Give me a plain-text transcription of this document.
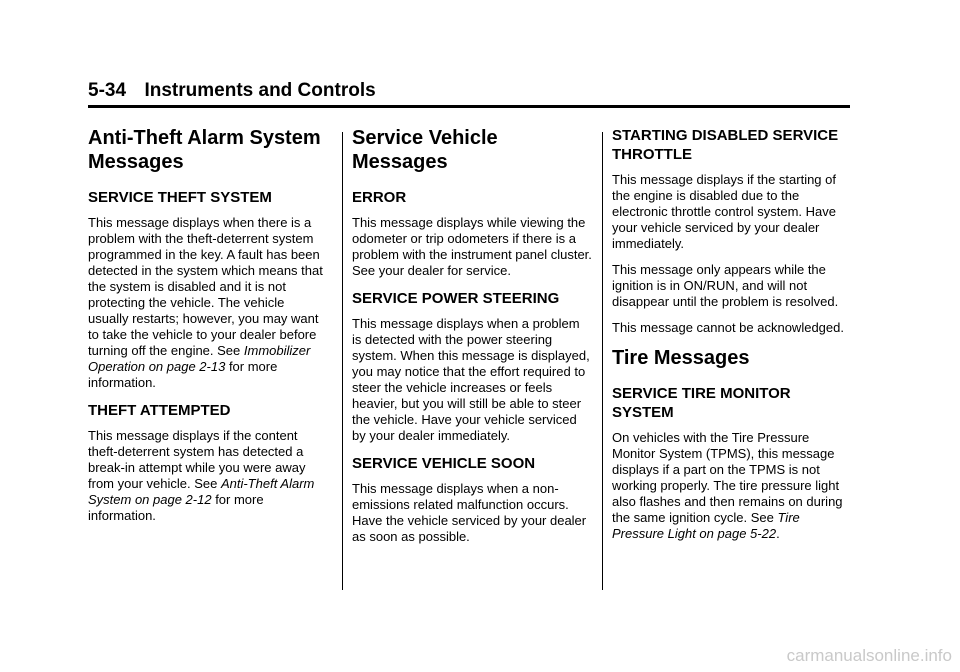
5-34 Instruments and Controls
Anti-Theft Alarm System Messages
SERVICE THEFT SYSTEM

This message displays when there is a problem with the theft-deterrent system programmed in the key. A fault has been detected in the system which means that the system is disabled and it is not protecting the vehicle. The vehicle usually restarts; however, you may want to take the vehicle to your dealer before turning off the engine. See Immobilizer Operation on page 2-13 for more information.

THEFT ATTEMPTED

This message displays if the content theft-deterrent system has detected a break-in attempt while you were away from your vehicle. See Anti-Theft Alarm System on page 2-12 for more information.

Service Vehicle Messages
ERROR

This message displays while viewing the odometer or trip odometers if there is a problem with the instrument panel cluster. See your dealer for service.

SERVICE POWER STEERING

This message displays when a problem is detected with the power steering system. When this message is displayed, you may notice that the effort required to steer the vehicle increases or feels heavier, but you will still be able to steer the vehicle. Have your vehicle serviced by your dealer immediately.

SERVICE VEHICLE SOON

This message displays when a non-emissions related malfunction occurs. Have the vehicle serviced by your dealer as soon as possible.

STARTING DISABLED SERVICE THROTTLE

This message displays if the starting of the engine is disabled due to the electronic throttle control system. Have your vehicle serviced by your dealer immediately.

This message only appears while the ignition is in ON/RUN, and will not disappear until the problem is resolved.

This message cannot be acknowledged.

Tire Messages
SERVICE TIRE MONITOR SYSTEM

On vehicles with the Tire Pressure Monitor System (TPMS), this message displays if a part on the TPMS is not working properly. The tire pressure light also flashes and then remains on during the same ignition cycle. See Tire Pressure Light on page 5-22.

carmanualsonline.info
